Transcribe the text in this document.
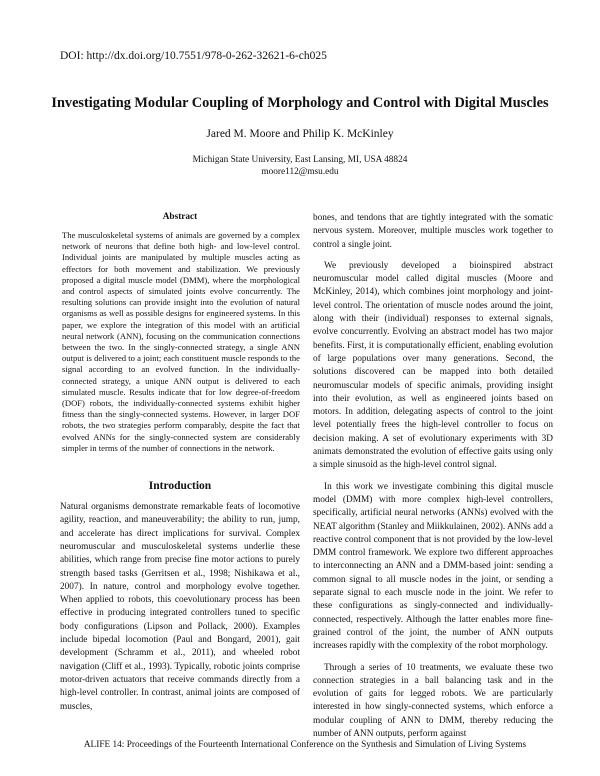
DOI: http://dx.doi.org/10.7551/978-0-262-32621-6-ch025
Investigating Modular Coupling of Morphology and Control with Digital Muscles
Jared M. Moore and Philip K. McKinley
Michigan State University, East Lansing, MI, USA 48824
moore112@msu.edu
Abstract

The musculoskeletal systems of animals are governed by a complex network of neurons that define both high- and low-level control. Individual joints are manipulated by multiple muscles acting as effectors for both movement and stabilization. We previously proposed a digital muscle model (DMM), where the morphological and control aspects of simulated joints evolve concurrently. The resulting solutions can provide insight into the evolution of natural organisms as well as possible designs for engineered systems. In this paper, we explore the integration of this model with an artificial neural network (ANN), focusing on the communication connections between the two. In the singly-connected strategy, a single ANN output is delivered to a joint; each constituent muscle responds to the signal according to an evolved function. In the individually-connected strategy, a unique ANN output is delivered to each simulated muscle. Results indicate that for low degree-of-freedom (DOF) robots, the individually-connected systems exhibit higher fitness than the singly-connected systems. However, in larger DOF robots, the two strategies perform comparably, despite the fact that evolved ANNs for the singly-connected system are considerably simpler in terms of the number of connections in the network.

Introduction

Natural organisms demonstrate remarkable feats of locomotive agility, reaction, and maneuverability; the ability to run, jump, and accelerate has direct implications for survival. Complex neuromuscular and musculoskeletal systems underlie these abilities, which range from precise fine motor actions to purely strength based tasks (Gerritsen et al., 1998; Nishikawa et al., 2007). In nature, control and morphology evolve together. When applied to robots, this coevolutionary process has been effective in producing integrated controllers tuned to specific body configurations (Lipson and Pollack, 2000). Examples include bipedal locomotion (Paul and Bongard, 2001), gait development (Schramm et al., 2011), and wheeled robot navigation (Cliff et al., 1993). Typically, robotic joints comprise motor-driven actuators that receive commands directly from a high-level controller. In contrast, animal joints are composed of muscles,

bones, and tendons that are tightly integrated with the somatic nervous system. Moreover, multiple muscles work together to control a single joint.

We previously developed a bioinspired abstract neuromuscular model called digital muscles (Moore and McKinley, 2014), which combines joint morphology and joint-level control. The orientation of muscle nodes around the joint, along with their (individual) responses to external signals, evolve concurrently. Evolving an abstract model has two major benefits. First, it is computationally efficient, enabling evolution of large populations over many generations. Second, the solutions discovered can be mapped into both detailed neuromuscular models of specific animals, providing insight into their evolution, as well as engineered joints based on motors. In addition, delegating aspects of control to the joint level potentially frees the high-level controller to focus on decision making. A set of evolutionary experiments with 3D animats demonstrated the evolution of effective gaits using only a simple sinusoid as the high-level control signal.

In this work we investigate combining this digital muscle model (DMM) with more complex high-level controllers, specifically, artificial neural networks (ANNs) evolved with the NEAT algorithm (Stanley and Miikkulainen, 2002). ANNs add a reactive control component that is not provided by the low-level DMM control framework. We explore two different approaches to interconnecting an ANN and a DMM-based joint: sending a common signal to all muscle nodes in the joint, or sending a separate signal to each muscle node in the joint. We refer to these configurations as singly-connected and individually-connected, respectively. Although the latter enables more fine-grained control of the joint, the number of ANN outputs increases rapidly with the complexity of the robot morphology.

Through a series of 10 treatments, we evaluate these two connection strategies in a ball balancing task and in the evolution of gaits for legged robots. We are particularly interested in how singly-connected systems, which enforce a modular coupling of ANN to DMM, thereby reducing the number of ANN outputs, perform against

ALIFE 14: Proceedings of the Fourteenth International Conference on the Synthesis and Simulation of Living Systems
